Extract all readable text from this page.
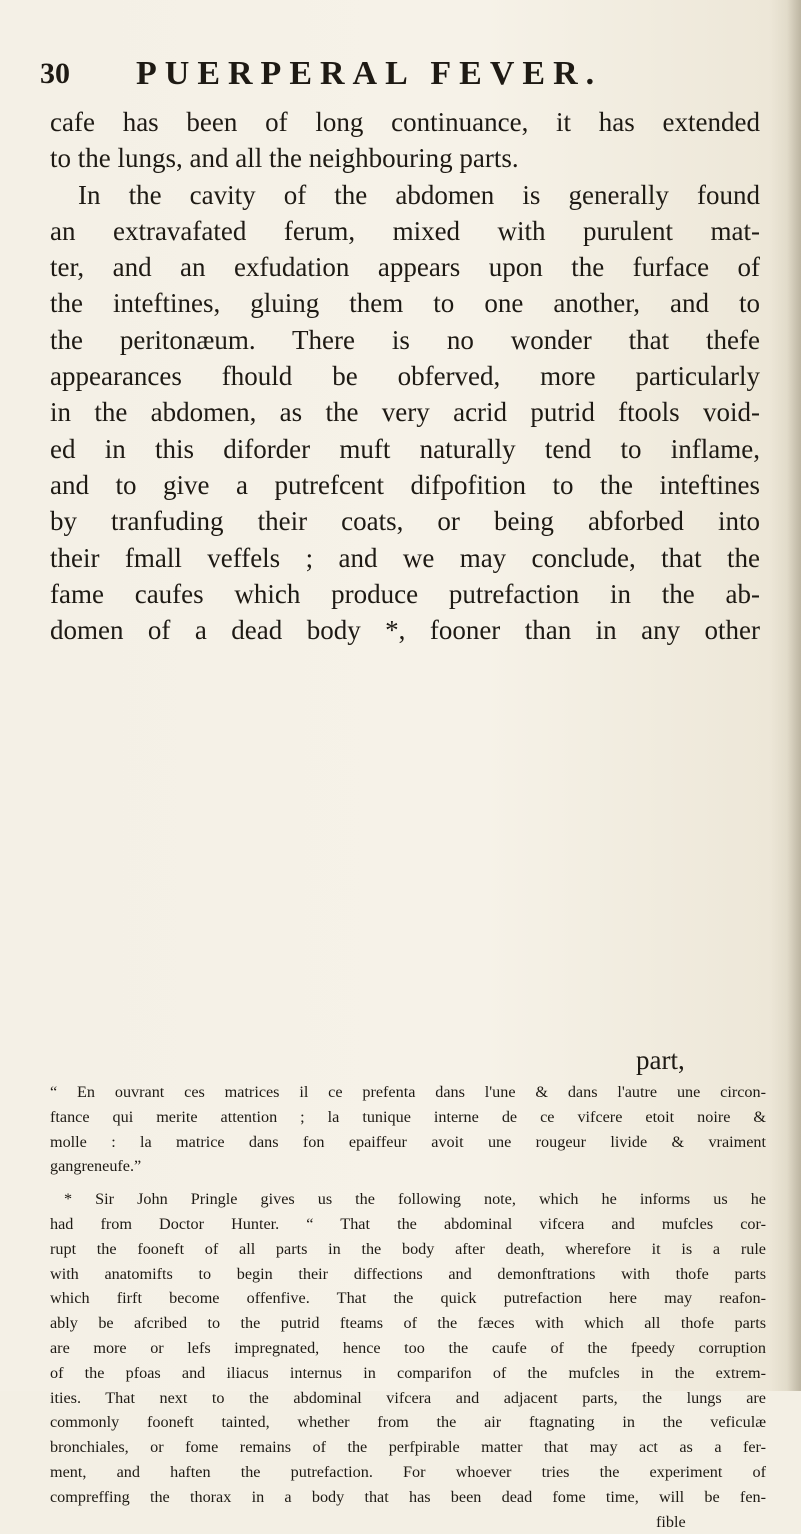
30 PUERPERAL FEVER.
cafe has been of long continuance, it has extended
to the lungs, and all the neighbouring parts.
In the cavity of the abdomen is generally found
an extravafated ferum, mixed with purulent mat-
ter, and an exfudation appears upon the furface of
the inteftines, gluing them to one another, and to
the peritonæum. There is no wonder that thefe
appearances fhould be obferved, more particularly
in the abdomen, as the very acrid putrid ftools void-
ed in this diforder muft naturally tend to inflame,
and to give a putrefcent difpofition to the inteftines
by tranfuding their coats, or being abforbed into
their fmall veffels ; and we may conclude, that the
fame caufes which produce putrefaction in the ab-
domen of a dead body *, fooner than in any other
part,
“ En ouvrant ces matrices il ce prefenta dans l'une & dans l'autre une circon-
ftance qui merite attention ; la tunique interne de ce vifcere etoit noire &
molle : la matrice dans fon epaiffeur avoit une rougeur livide & vraiment
gangreneufe.”
* Sir John Pringle gives us the following note, which he informs us he
had from Doctor Hunter. “ That the abdominal vifcera and mufcles cor-
rupt the fooneft of all parts in the body after death, wherefore it is a rule
with anatomifts to begin their diffections and demonftrations with thofe parts
which firft become offenfive. That the quick putrefaction here may reafon-
ably be afcribed to the putrid fteams of the fæces with which all thofe parts
are more or lefs impregnated, hence too the caufe of the fpeedy corruption
of the pfoas and iliacus internus in comparifon of the mufcles in the extrem-
ities. That next to the abdominal vifcera and adjacent parts, the lungs are
commonly fooneft tainted, whether from the air ftagnating in the veficulæ
bronchiales, or fome remains of the perfpirable matter that may act as a fer-
ment, and haften the putrefaction. For whoever tries the experiment of
compreffing the thorax in a body that has been dead fome time, will be fen-
fible
